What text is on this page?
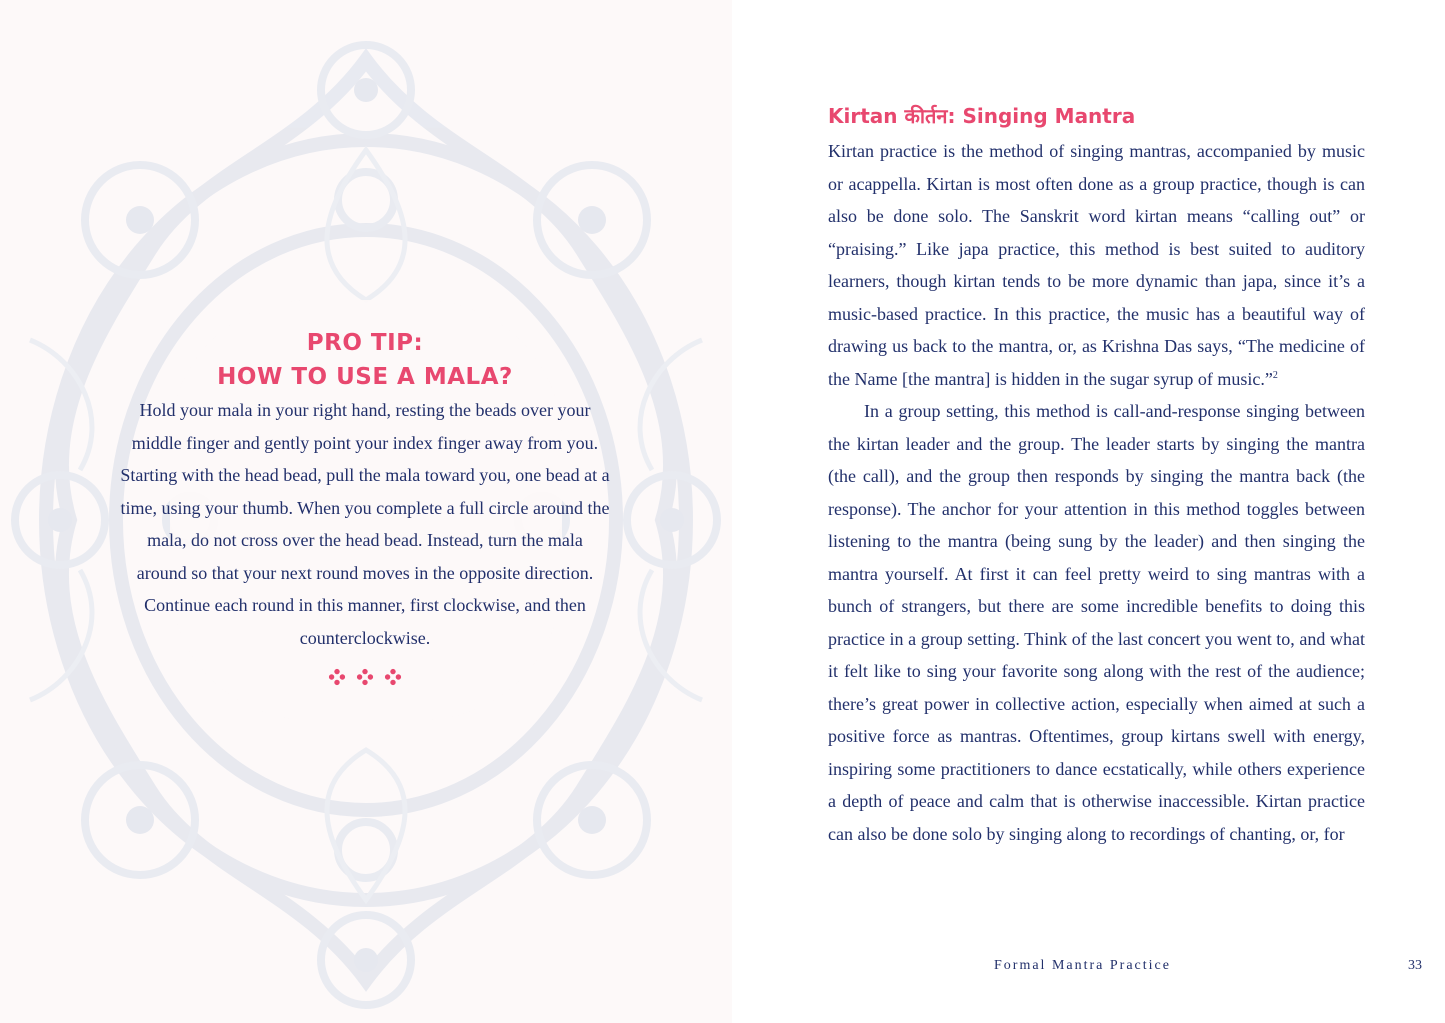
PRO TIP:
HOW TO USE A MALA?

Hold your mala in your right hand, resting the beads over your middle finger and gently point your index finger away from you. Starting with the head bead, pull the mala toward you, one bead at a time, using your thumb. When you complete a full circle around the mala, do not cross over the head bead. Instead, turn the mala around so that your next round moves in the opposite direction. Continue each round in this manner, first clockwise, and then counterclockwise.

Kirtan कीर्तन: Singing Mantra

Kirtan practice is the method of singing mantras, accompanied by music or acappella. Kirtan is most often done as a group practice, though is can also be done solo. The Sanskrit word kirtan means “calling out” or “praising.” Like japa practice, this method is best suited to auditory learners, though kirtan tends to be more dynamic than japa, since it’s a music-based practice. In this practice, the music has a beautiful way of drawing us back to the mantra, or, as Krishna Das says, “The medicine of the Name [the mantra] is hidden in the sugar syrup of music.”$^2$

In a group setting, this method is call-and-response singing between the kirtan leader and the group. The leader starts by singing the mantra (the call), and the group then responds by singing the mantra back (the response). The anchor for your attention in this method toggles between listening to the mantra (being sung by the leader) and then singing the mantra yourself. At first it can feel pretty weird to sing mantras with a bunch of strangers, but there are some incredible benefits to doing this practice in a group setting. Think of the last concert you went to, and what it felt like to sing your favorite song along with the rest of the audience; there’s great power in collective action, especially when aimed at such a positive force as mantras. Oftentimes, group kirtans swell with energy, inspiring some practitioners to dance ecstatically, while others experience a depth of peace and calm that is otherwise inaccessible. Kirtan practice can also be done solo by singing along to recordings of chanting, or, for

Formal Mantra Practice	33
